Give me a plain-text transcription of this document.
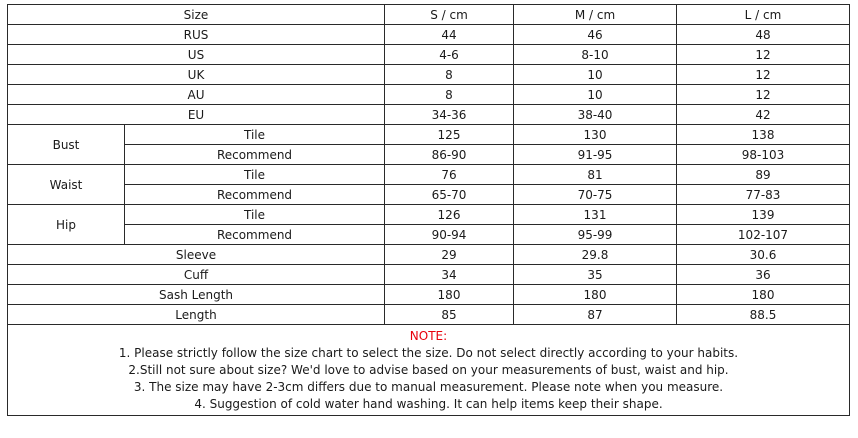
Size		S / cm	M / cm	L / cm
RUS		44	46	48
US		4-6	8-10	12
UK		8	10	12
AU		8	10	12
EU		34-36	38-40	42
Bust	Tile	125	130	138
	Recommend	86-90	91-95	98-103
Waist	Tile	76	81	89
	Recommend	65-70	70-75	77-83
Hip	Tile	126	131	139
	Recommend	90-94	95-99	102-107
Sleeve		29	29.8	30.6
Cuff		34	35	36
Sash Length		180	180	180
Length		85	87	88.5

NOTE:
1. Please strictly follow the size chart to select the size. Do not select directly according to your habits.
2.Still not sure about size? We'd love to advise based on your measurements of bust, waist and hip.
3. The size may have 2-3cm differs due to manual measurement. Please note when you measure.
4. Suggestion of cold water hand washing. It can help items keep their shape.				
